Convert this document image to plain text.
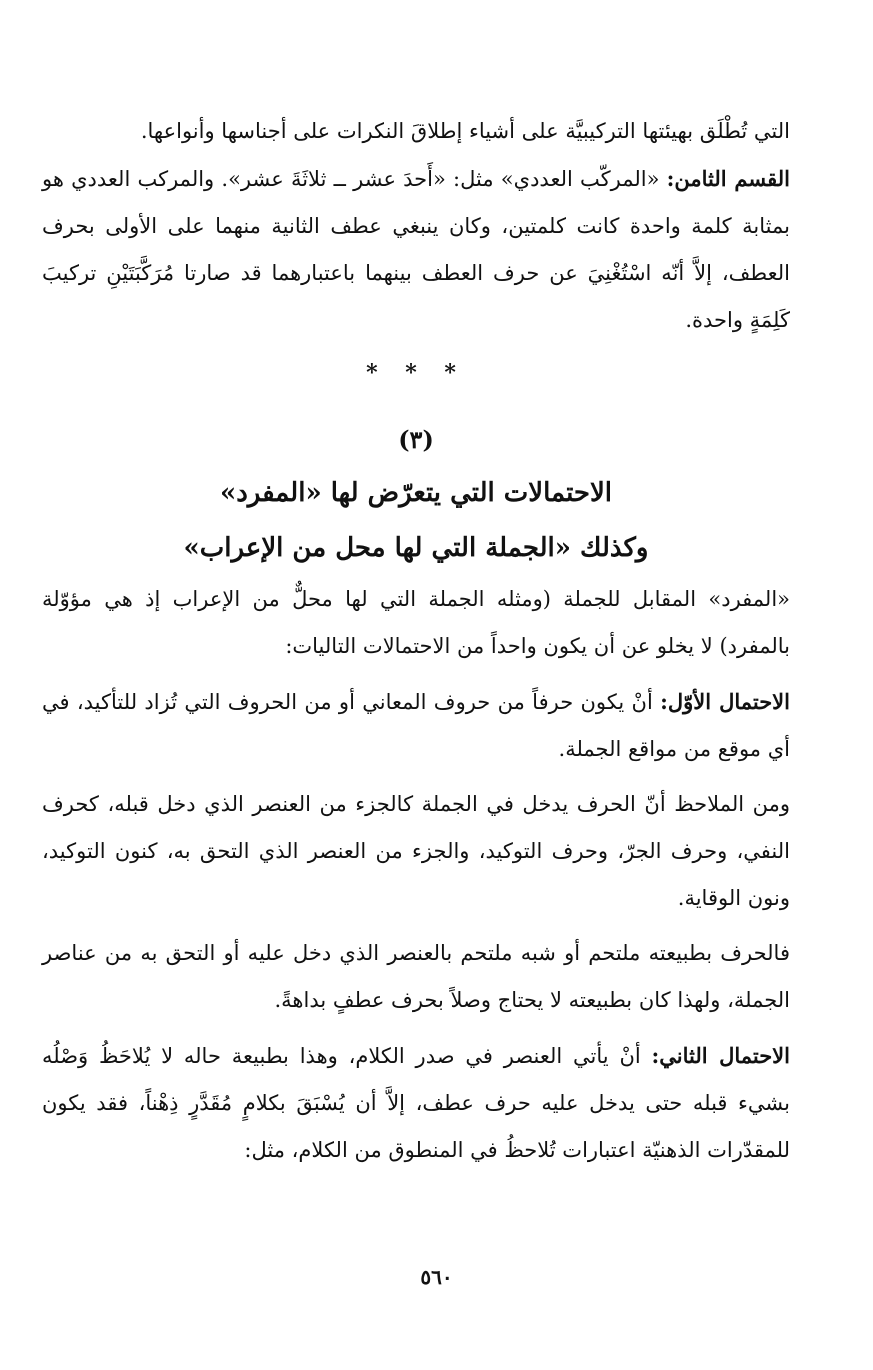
التي تُطْلَق بهيئتها التركيبيَّة على أشياء إطلاقَ النكرات على أجناسها وأنواعها.

القسم الثامن: «المركّب العددي» مثل: «أَحدَ عشر ــ ثلاثَةَ عشر». والمركب العددي هو بمثابة كلمة واحدة كانت كلمتين، وكان ينبغي عطف الثانية منهما على الأولى بحرف العطف، إلاَّ أنّه اسْتُغْنِيَ عن حرف العطف بينهما باعتبارهما قد صارتا مُرَكَّبَتَيْنِ تركيبَ كَلِمَةٍ واحدة.

* * *
(٣)
الاحتمالات التي يتعرّض لها «المفرد»
وكذلك «الجملة التي لها محل من الإعراب»

«المفرد» المقابل للجملة (ومثله الجملة التي لها محلٌّ من الإعراب إذ هي مؤوّلة بالمفرد) لا يخلو عن أن يكون واحداً من الاحتمالات التاليات:

الاحتمال الأوّل: أنْ يكون حرفاً من حروف المعاني أو من الحروف التي تُزاد للتأكيد، في أي موقع من مواقع الجملة.

ومن الملاحظ أنّ الحرف يدخل في الجملة كالجزء من العنصر الذي دخل قبله، كحرف النفي، وحرف الجرّ، وحرف التوكيد، والجزء من العنصر الذي التحق به، كنون التوكيد، ونون الوقاية.

فالحرف بطبيعته ملتحم أو شبه ملتحم بالعنصر الذي دخل عليه أو التحق به من عناصر الجملة، ولهذا كان بطبيعته لا يحتاج وصلاً بحرف عطفٍ بداهةً.

الاحتمال الثاني: أنْ يأتي العنصر في صدر الكلام، وهذا بطبيعة حاله لا يُلاحَظُ وَصْلُه بشيء قبله حتى يدخل عليه حرف عطف، إلاَّ أن يُسْبَقَ بكلامٍ مُقَدَّرٍ ذِهْناً، فقد يكون للمقدّرات الذهنيّة اعتبارات تُلاحظُ في المنطوق من الكلام، مثل:

٥٦٠
